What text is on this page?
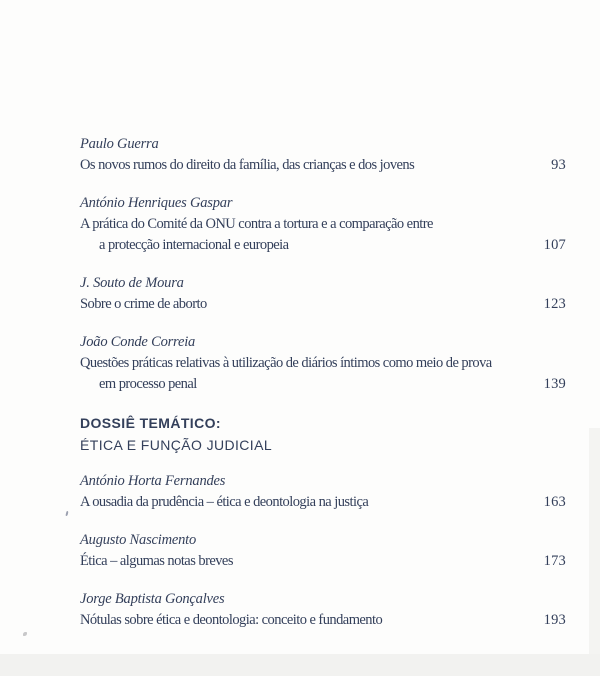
Paulo Guerra
Os novos rumos do direito da família, das crianças e dos jovens	93
António Henriques Gaspar
A prática do Comité da ONU contra a tortura e a comparação entre
a protecção internacional e europeia	107
J. Souto de Moura
Sobre o crime de aborto	123
João Conde Correia
Questões práticas relativas à utilização de diários íntimos como meio de prova
em processo penal	139
DOSSIÊ TEMÁTICO:
ÉTICA E FUNÇÃO JUDICIAL
António Horta Fernandes
A ousadia da prudência – ética e deontologia na justiça	163
Augusto Nascimento
Ética – algumas notas breves	173
Jorge Baptista Gonçalves
Nótulas sobre ética e deontologia: conceito e fundamento	193
